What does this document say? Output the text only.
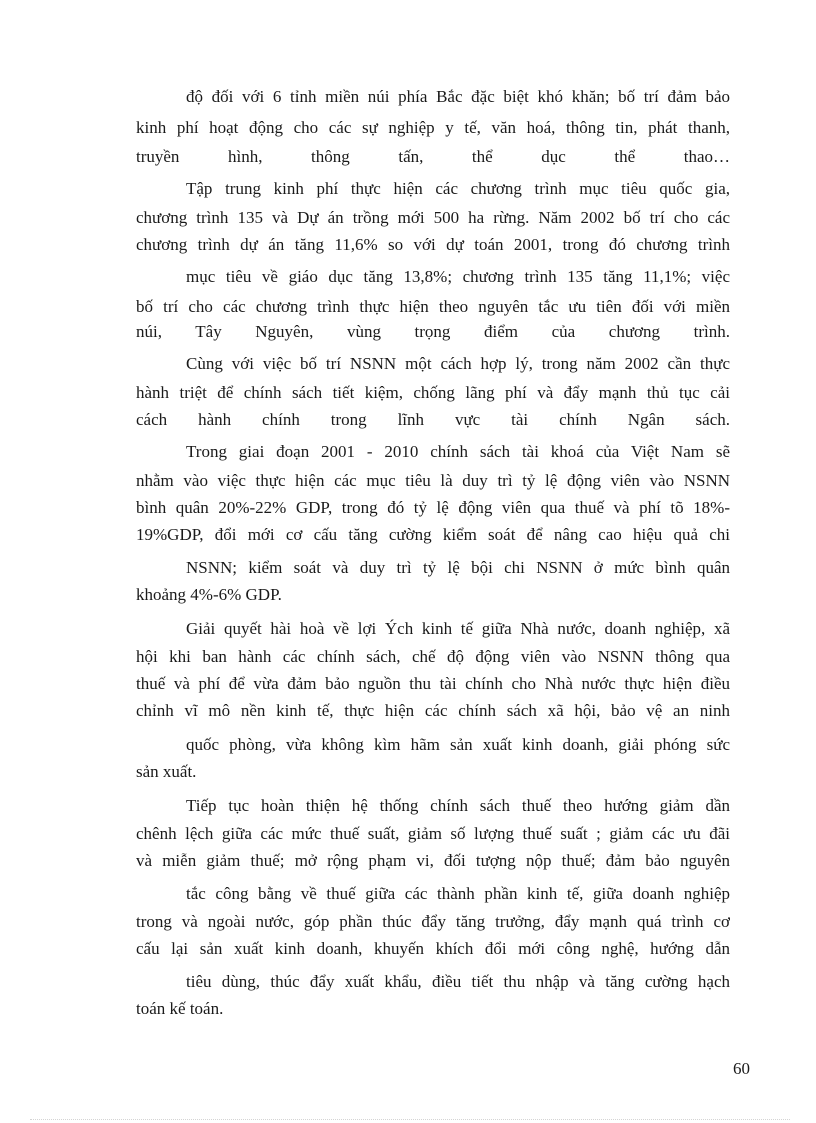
độ đối với 6 tỉnh miền núi phía Bắc đặc biệt khó khăn; bố trí đảm bảo
kinh phí hoạt động cho các sự nghiệp y tế, văn hoá, thông tin, phát thanh,
truyền hình, thông tấn, thể dục thể thao…
Tập trung kinh phí thực hiện các chương trình mục tiêu quốc gia,
chương trình 135 và Dự án trồng mới 500 ha rừng. Năm 2002 bố trí cho các
chương trình dự án tăng 11,6% so với dự toán 2001, trong đó chương trình
mục tiêu về giáo dục tăng 13,8%; chương trình 135 tăng 11,1%; việc
bố trí cho các chương trình thực hiện theo nguyên tắc ưu tiên đối với miền
núi, Tây Nguyên, vùng trọng điểm của chương trình.
Cùng với việc bố trí NSNN một cách hợp lý, trong năm 2002 cần thực
hành triệt để chính sách tiết kiệm, chống lãng phí và đẩy mạnh thủ tục cải
cách hành chính trong lĩnh vực tài chính Ngân sách.
Trong giai đoạn 2001 - 2010 chính sách tài khoá của Việt Nam sẽ
nhằm vào việc thực hiện các mục tiêu là duy trì tỷ lệ động viên vào NSNN
bình quân 20%-22% GDP, trong đó tỷ lệ động viên qua thuế và phí tõ 18%-
19%GDP, đổi mới cơ cấu tăng cường kiểm soát để nâng cao hiệu quả chi
NSNN; kiểm soát và duy trì tỷ lệ bội chi NSNN ở mức bình quân
khoảng 4%-6% GDP.
Giải quyết hài hoà về lợi Ých kinh tế giữa Nhà nước, doanh nghiệp, xã
hội khi ban hành các chính sách, chế độ động viên vào NSNN thông qua
thuế và phí để vừa đảm bảo nguồn thu tài chính cho Nhà nước thực hiện điều
chỉnh vĩ mô nền kinh tế, thực hiện các chính sách xã hội, bảo vệ an ninh
quốc phòng, vừa không kìm hãm sản xuất kinh doanh, giải phóng sức
sản xuất.
Tiếp tục hoàn thiện hệ thống chính sách thuế theo hướng giảm dần
chênh lệch giữa các mức thuế suất, giảm số lượng thuế suất ; giảm các ưu đãi
và miễn giảm thuế; mở rộng phạm vi, đối tượng nộp thuế; đảm bảo nguyên
tắc công bằng về thuế giữa các thành phần kinh tế, giữa doanh nghiệp
trong và ngoài nước, góp phần thúc đẩy tăng trưởng, đẩy mạnh quá trình cơ
cấu lại sản xuất kinh doanh, khuyến khích đổi mới công nghệ, hướng dẫn
tiêu dùng, thúc đẩy xuất khẩu, điều tiết thu nhập và tăng cường hạch
toán kế toán.
60
